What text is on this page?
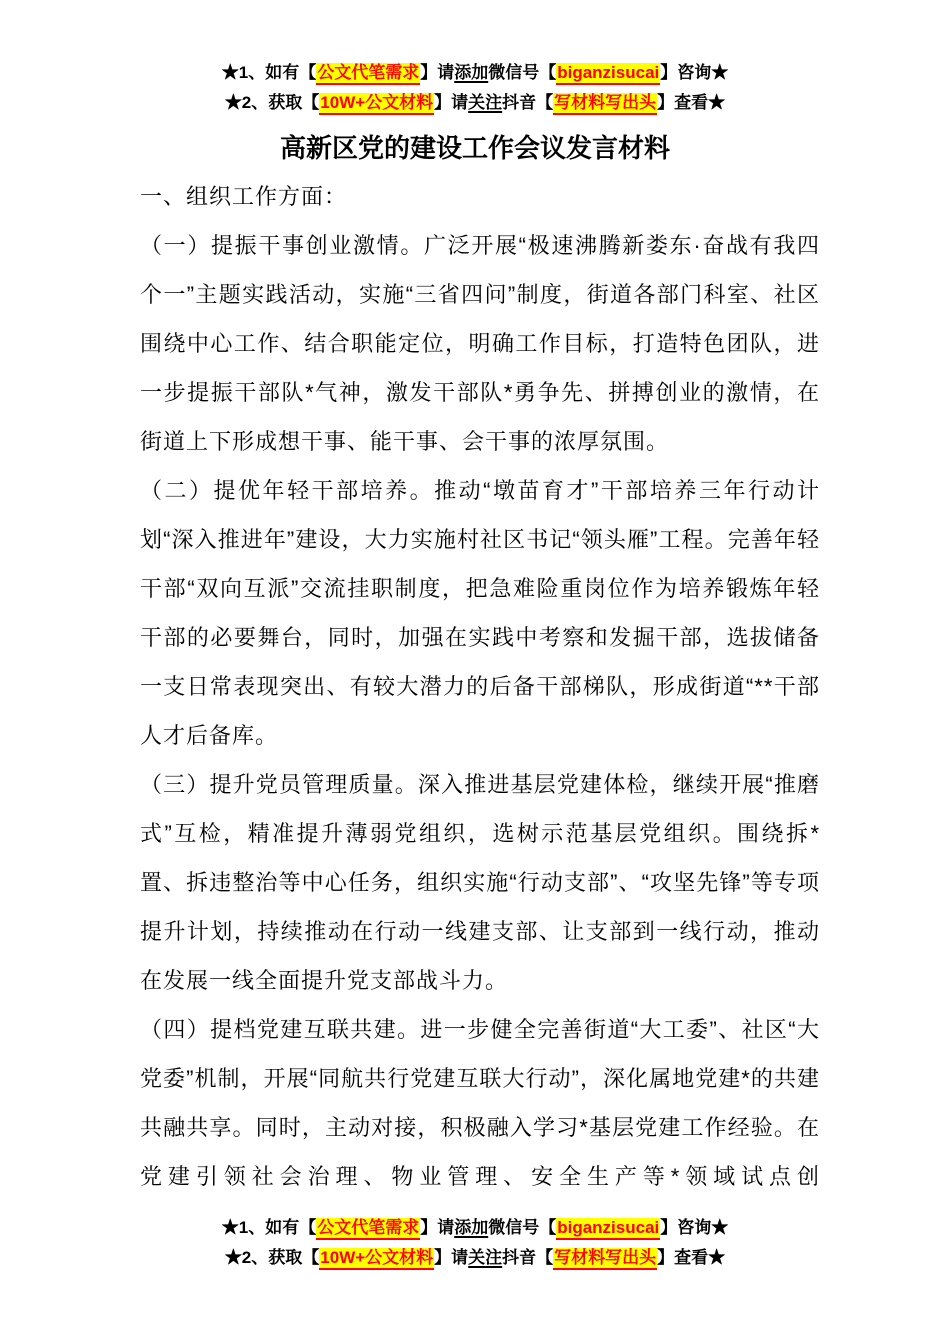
★1、如有【公文代笔需求】请添加微信号【biganzisucai】咨询★
★2、获取【10W+公文材料】请关注抖音【写材料写出头】查看★
高新区党的建设工作会议发言材料

一、组织工作方面：

（一）提振干事创业激情。广泛开展“极速沸腾新娄东·奋战有我四个一”主题实践活动，实施“三省四问”制度，街道各部门科室、社区围绕中心工作、结合职能定位，明确工作目标，打造特色团队，进一步提振干部队*气神，激发干部队*勇争先、拼搏创业的激情，在街道上下形成想干事、能干事、会干事的浓厚氛围。

（二）提优年轻干部培养。推动“墩苗育才”干部培养三年行动计划“深入推进年”建设，大力实施村社区书记“领头雁”工程。完善年轻干部“双向互派”交流挂职制度，把急难险重岗位作为培养锻炼年轻干部的必要舞台，同时，加强在实践中考察和发掘干部，选拔储备一支日常表现突出、有较大潜力的后备干部梯队，形成街道“**干部人才后备库。

（三）提升党员管理质量。深入推进基层党建体检，继续开展“推磨式”互检，精准提升薄弱党组织，选树示范基层党组织。围绕拆*置、拆违整治等中心任务，组织实施“行动支部”、“攻坚先锋”等专项提升计划，持续推动在行动一线建支部、让支部到一线行动，推动在发展一线全面提升党支部战斗力。

（四）提档党建互联共建。进一步健全完善街道“大工委”、社区“大党委”机制，开展“同航共行党建互联大行动”，深化属地党建*的共建共融共享。同时，主动对接，积极融入学习*基层党建工作经验。在党建引领社会治理、物业管理、安全生产等*领域试点创

★1、如有【公文代笔需求】请添加微信号【biganzisucai】咨询★
★2、获取【10W+公文材料】请关注抖音【写材料写出头】查看★
